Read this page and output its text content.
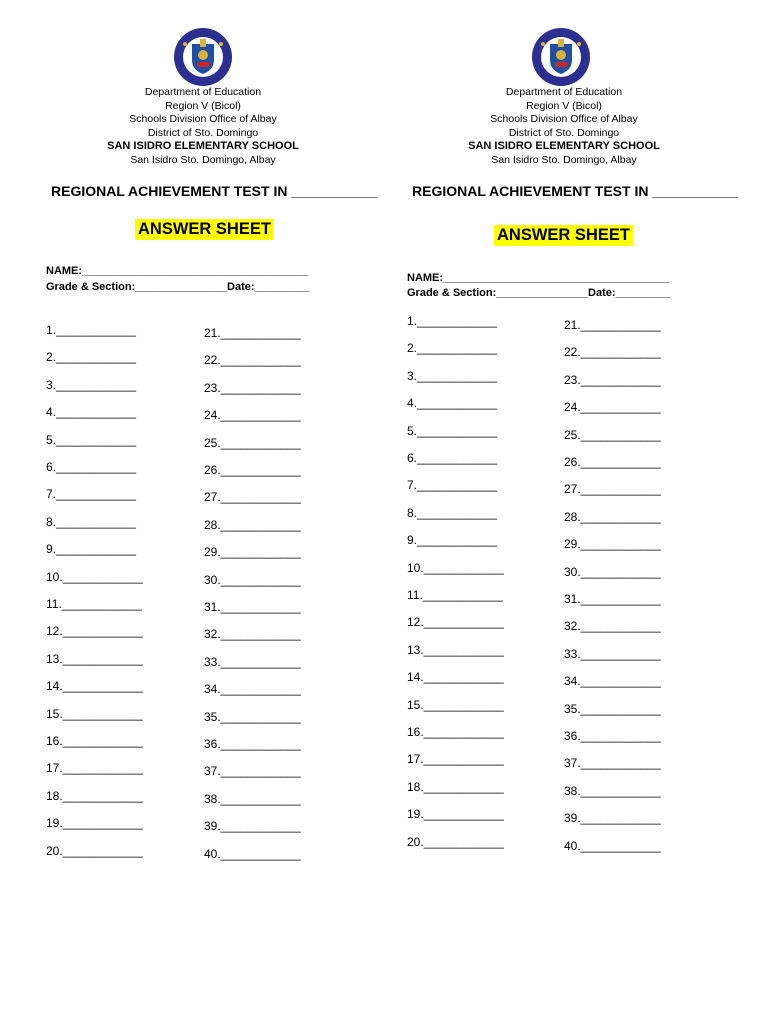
Department of Education
Region V (Bicol)
Schools Division Office of Albay
District of Sto. Domingo
SAN ISIDRO ELEMENTARY SCHOOL
San Isidro Sto. Domingo, Albay
REGIONAL ACHIEVEMENT TEST IN ___________
ANSWER SHEET
NAME:_____________________________________
Grade & Section:_______________Date:_________
1.____________
2.____________
3.____________
4.____________
5.____________
6.____________
7.____________
8.____________
9.____________
10.____________
11.____________
12.____________
13.____________
14.____________
15.____________
16.____________
17.____________
18.____________
19.____________
20.____________
21.____________
22.____________
23.____________
24.____________
25.____________
26.____________
27.____________
28.____________
29.____________
30.____________
31.____________
32.____________
33.____________
34.____________
35.____________
36.____________
37.____________
38.____________
39.____________
40.____________
Department of Education
Region V (Bicol)
Schools Division Office of Albay
District of Sto. Domingo
SAN ISIDRO ELEMENTARY SCHOOL
San Isidro Sto. Domingo, Albay
REGIONAL ACHIEVEMENT TEST IN ___________
ANSWER SHEET
NAME:_____________________________________
Grade & Section:_______________Date:_________
1.____________
2.____________
3.____________
4.____________
5.____________
6.____________
7.____________
8.____________
9.____________
10.____________
11.____________
12.____________
13.____________
14.____________
15.____________
16.____________
17.____________
18.____________
19.____________
20.____________
21.____________
22.____________
23.____________
24.____________
25.____________
26.____________
27.____________
28.____________
29.____________
30.____________
31.____________
32.____________
33.____________
34.____________
35.____________
36.____________
37.____________
38.____________
39.____________
40.____________
